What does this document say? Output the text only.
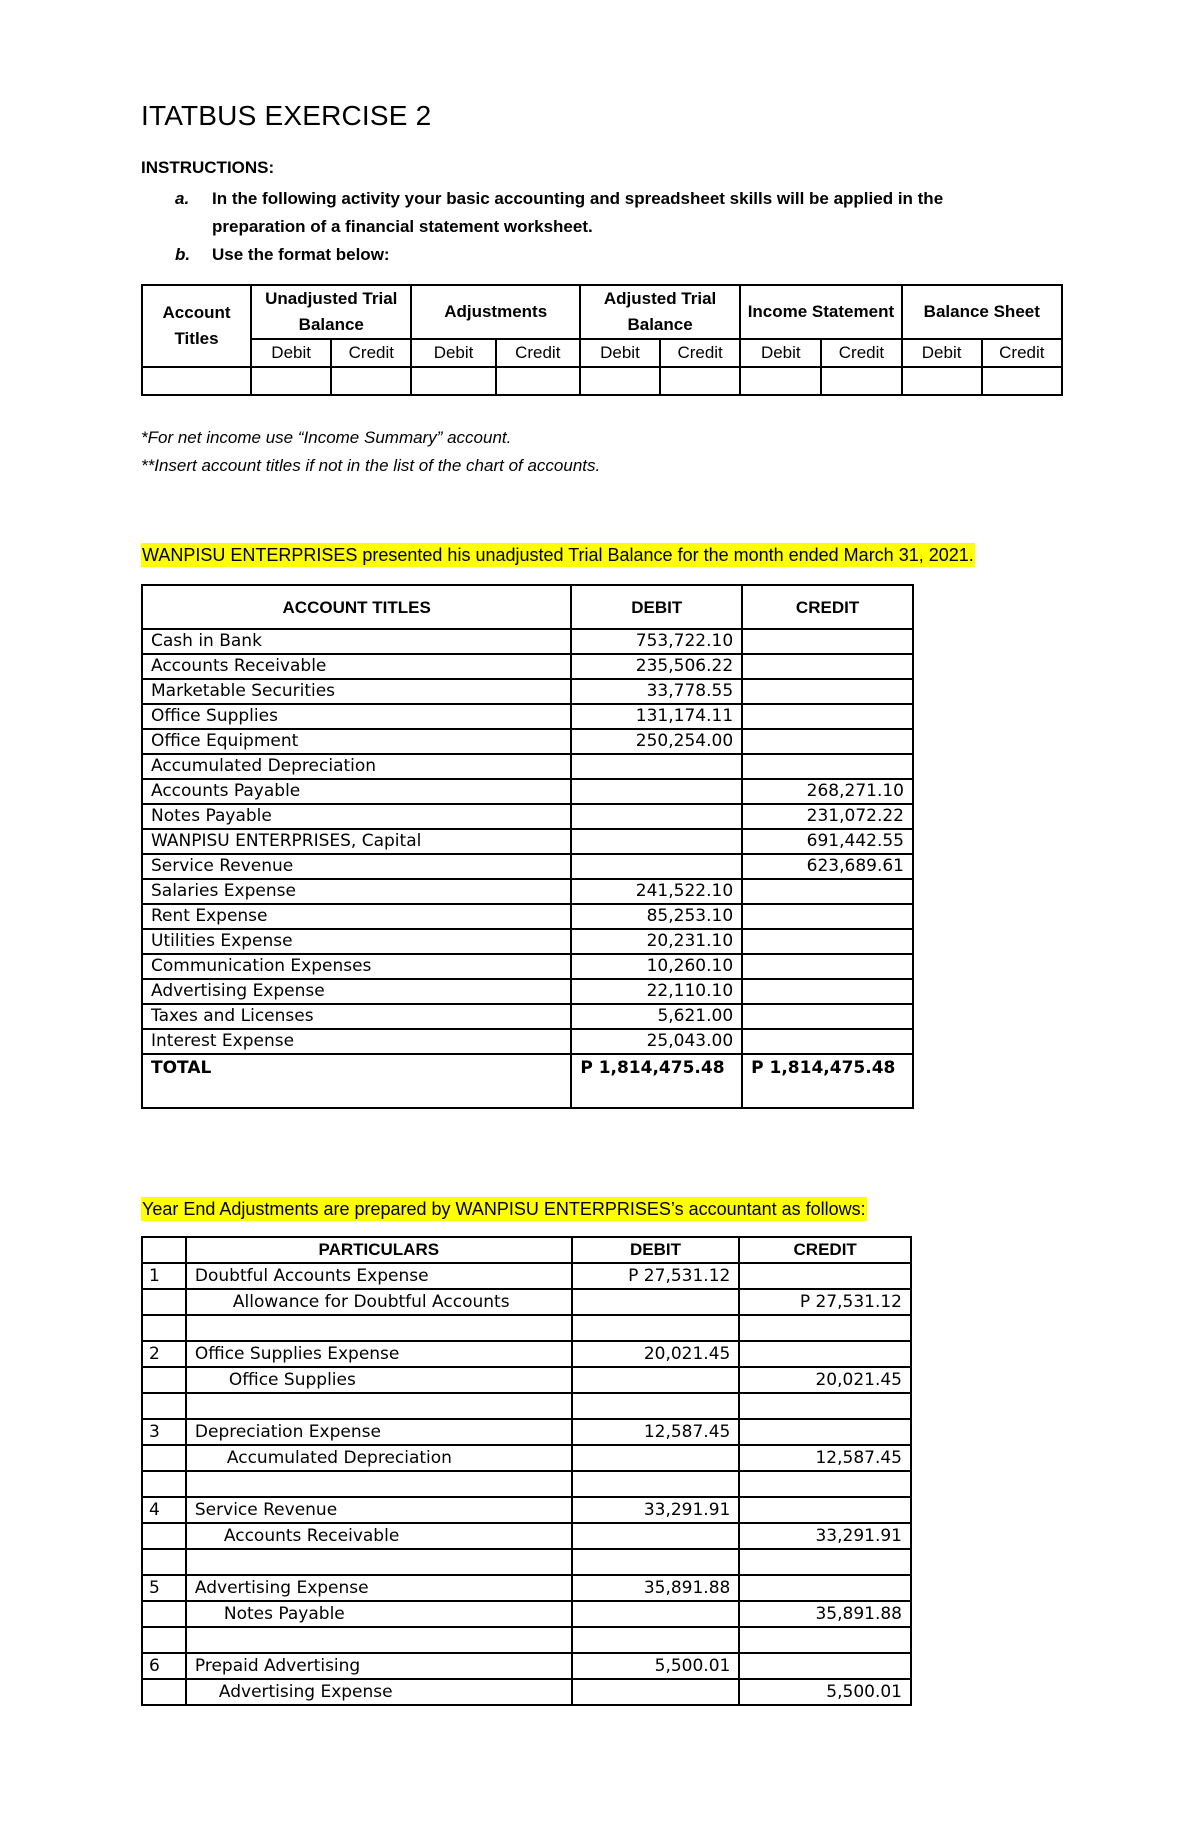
ITATBUS EXERCISE 2
INSTRUCTIONS:
a.	In the following activity your basic accounting and spreadsheet skills will be applied in the preparation of a financial statement worksheet.
b.	Use the format below:
Account Titles	Unadjusted Trial Balance		Adjustments		Adjusted Trial Balance		Income Statement		Balance Sheet	
	Debit	Credit	Debit	Credit	Debit	Credit	Debit	Credit	Debit	Credit

*For net income use “Income Summary” account.
**Insert account titles if not in the list of the chart of accounts.
WANPISU ENTERPRISES presented his unadjusted Trial Balance for the month ended March 31, 2021.
ACCOUNT TITLES	DEBIT	CREDIT
Cash in Bank	753,722.10	
Accounts Receivable	235,506.22	
Marketable Securities	33,778.55	
Office Supplies	131,174.11	
Office Equipment	250,254.00	
Accumulated Depreciation		
Accounts Payable		268,271.10
Notes Payable		231,072.22
WANPISU ENTERPRISES, Capital		691,442.55
Service Revenue		623,689.61
Salaries Expense	241,522.10	
Rent Expense	85,253.10	
Utilities Expense	20,231.10	
Communication Expenses	10,260.10	
Advertising Expense	22,110.10	
Taxes and Licenses	5,621.00	
Interest Expense	25,043.00	
TOTAL	P 1,814,475.48	P 1,814,475.48
Year End Adjustments are prepared by WANPISU ENTERPRISES’s accountant as follows:
	PARTICULARS	DEBIT	CREDIT
1	Doubtful Accounts Expense	P 27,531.12	
	Allowance for Doubtful Accounts		P 27,531.12

2	Office Supplies Expense	20,021.45	
	Office Supplies		20,021.45

3	Depreciation Expense	12,587.45	
	Accumulated Depreciation		12,587.45

4	Service Revenue	33,291.91	
	Accounts Receivable		33,291.91

5	Advertising Expense	35,891.88	
	Notes Payable		35,891.88

6	Prepaid Advertising	5,500.01	
	Advertising Expense		5,500.01
